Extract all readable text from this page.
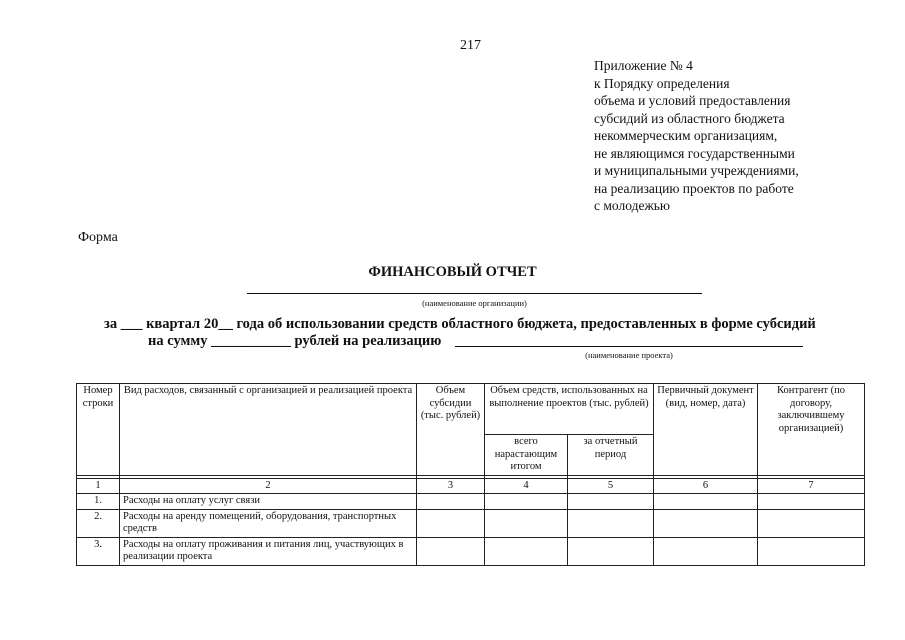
217
Приложение № 4
к Порядку определения
объема и условий предоставления
субсидий из областного бюджета
некоммерческим организациям,
не являющимся государственными
и муниципальными учреждениями,
на реализацию проектов по работе
с молодежью
Форма
ФИНАНСОВЫЙ ОТЧЕТ
(наименование организации)
за ___ квартал 20__ года об использовании средств областного бюджета, предоставленных в форме субсидий
на сумму ___________ рублей на реализацию
(наименование проекта)
Номер строки	Вид расходов, связанный с организацией и реализацией проекта	Объем субсидии (тыс. рублей)	Объем средств, использованных на выполнение проектов (тыс. рублей)		Первичный документ (вид, номер, дата)	Контрагент (по договору, заключившему организацией)
			всего нарастающим итогом	за отчетный период		

1	2	3	4	5	6	7
1.	Расходы на оплату услуг связи					
2.	Расходы на аренду помещений, оборудования, транспортных средств					
3.	Расходы на оплату проживания и питания лиц, участвующих в реализации проекта					
